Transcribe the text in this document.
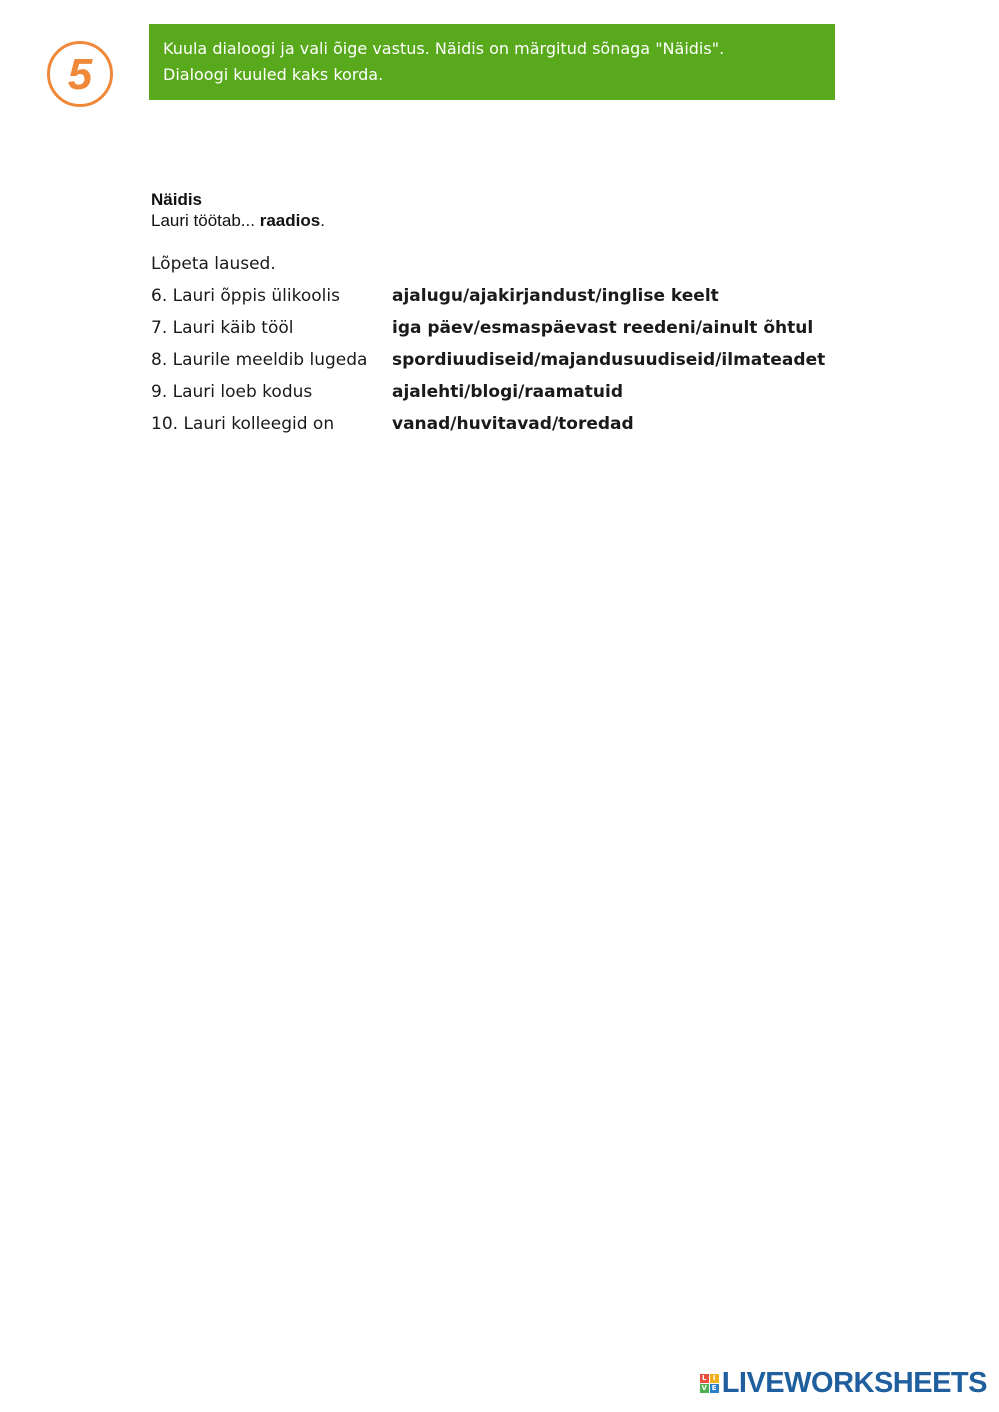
5
Kuula dialoogi ja vali õige vastus. Näidis on märgitud sõnaga "Näidis".
Dialoogi kuuled kaks korda.
Näidis
Lauri töötab... raadios.
Lõpeta laused.
6. Lauri õppis ülikoolis	ajalugu/ajakirjandust/inglise keelt
7. Lauri käib tööl	iga päev/esmaspäevast reedeni/ainult õhtul
8. Laurile meeldib lugeda	spordiuudiseid/majandusuudiseid/ilmateadet
9. Lauri loeb kodus	ajalehti/blogi/raamatuid
10. Lauri kolleegid on	vanad/huvitavad/toredad
L I
V E LIVEWORKSHEETS
